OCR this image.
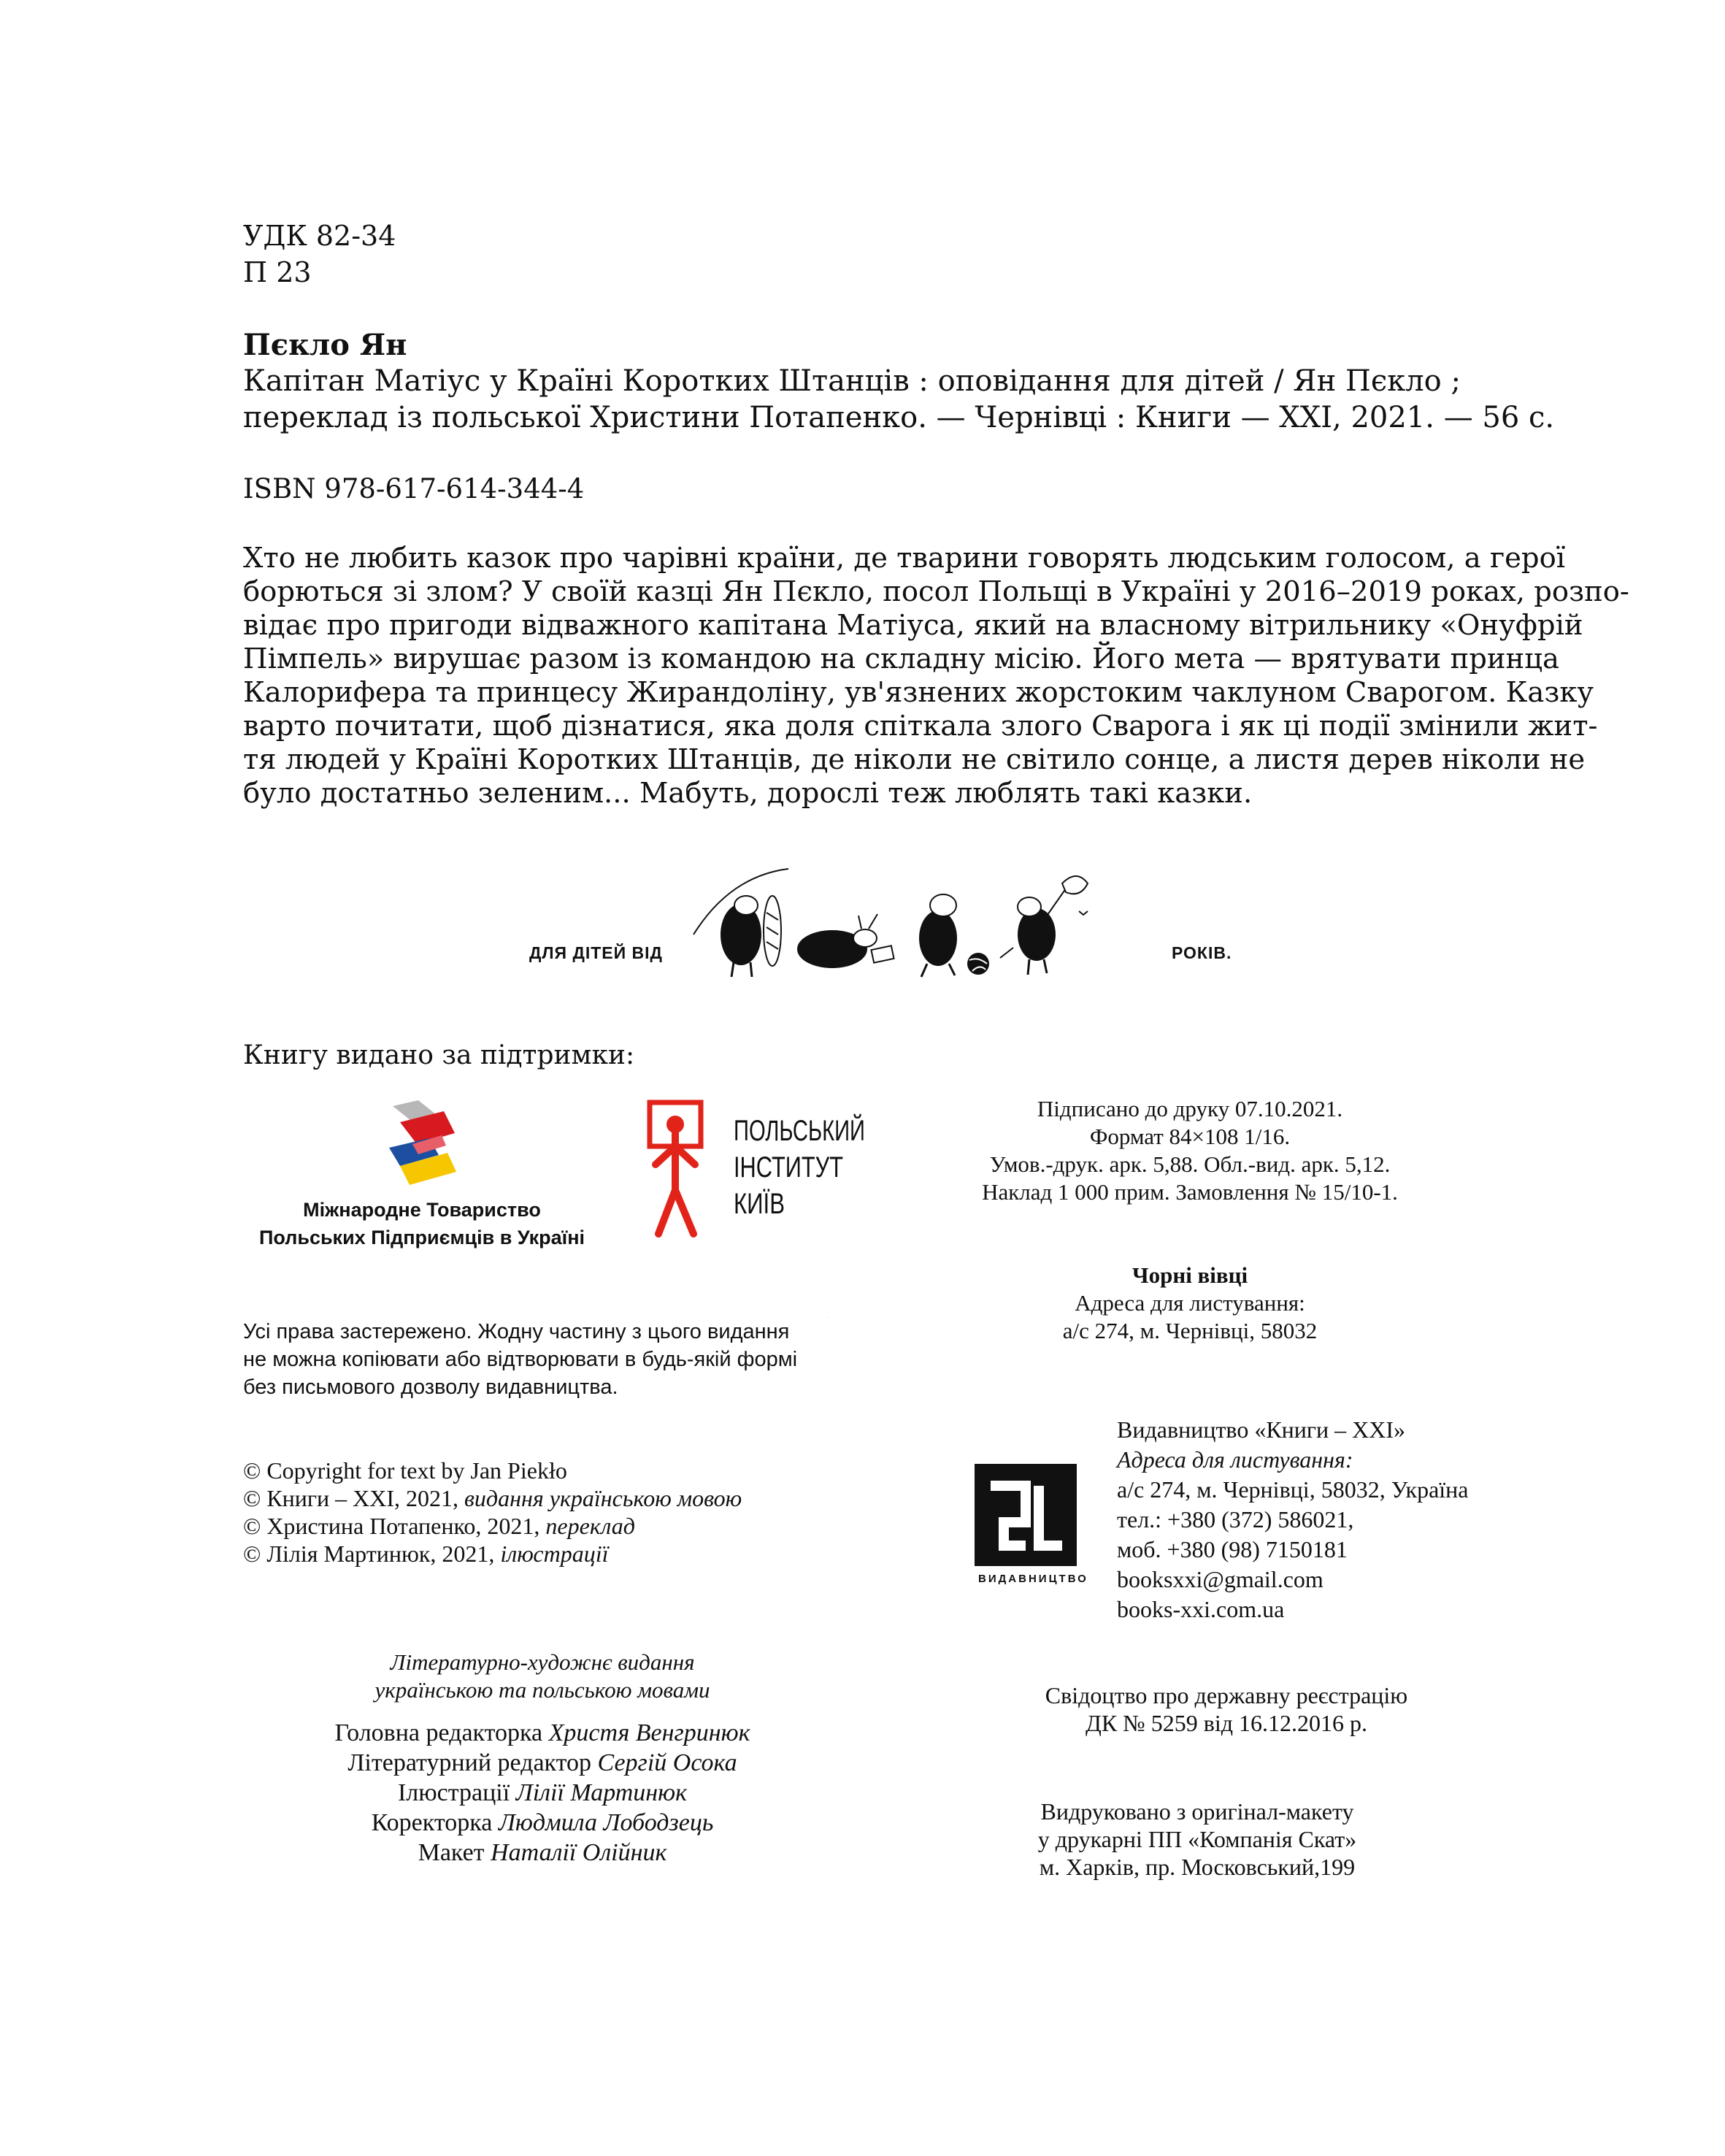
УДК 82-34
П 23
Пєкло Ян
Капітан Матіус у Країні Коротких Штанців : оповідання для дітей / Ян Пєкло ;
переклад із польської Христини Потапенко. — Чернівці : Книги — XXI, 2021. — 56 с.
ISBN 978-617-614-344-4
Хто не любить казок про чарівні країни, де тварини говорять людським голосом, а герої
борються зі злом? У своїй казці Ян Пєкло, посол Польщі в Україні у 2016–2019 роках, розпо-
відає про пригоди відважного капітана Матіуса, який на власному вітрильнику «Онуфрій
Пімпель» вирушає разом із командою на складну місію. Його мета — врятувати принца
Калорифера та принцесу Жирандоліну, ув'язнених жорстоким чаклуном Сварогом. Казку
варто почитати, щоб дізнатися, яка доля спіткала злого Сварога і як ці події змінили жит-
тя людей у Країні Коротких Штанців, де ніколи не світило сонце, а листя дерев ніколи не
було достатньо зеленим... Мабуть, дорослі теж люблять такі казки.
ДЛЯ ДІТЕЙ ВІД	РОКІВ.
Книгу видано за підтримки:
Міжнародне Товариство
Польських Підприємців в Україні
ПОЛЬСЬКИЙ
ІНСТИТУТ
КИЇВ
Підписано до друку 07.10.2021.
Формат 84×108 1/16.
Умов.-друк. арк. 5,88. Обл.-вид. арк. 5,12.
Наклад 1 000 прим. Замовлення № 15/10-1.
Чорні вівці
Адреса для листування:
а/с 274, м. Чернівці, 58032
Усі права застережено. Жодну частину з цього видання
не можна копіювати або відтворювати в будь-якій формі
без письмового дозволу видавництва.
ВИДАВНИЦТВО
21
Видавництво «Книги – XXI»
Адреса для листування:
а/с 274, м. Чернівці, 58032, Україна
тел.: +380 (372) 586021,
моб. +380 (98) 7150181
booksxxi@gmail.com
books-xxi.com.ua
© Copyright for text by Jan Piekło
© Книги – XXI, 2021, видання українською мовою
© Христина Потапенко, 2021, переклад
© Лілія Мартинюк, 2021, ілюстрації
Літературно-художнє видання
українською та польською мовами
Головна редакторка Христя Венгринюк
Літературний редактор Сергій Осока
Ілюстрації Лілії Мартинюк
Коректорка Людмила Лободзець
Макет Наталії Олійник
Свідоцтво про державну реєстрацію
ДК № 5259 від 16.12.2016 р.
Видруковано з оригінал-макету
у друкарні ПП «Компанія Скат»
м. Харків, пр. Московський,199
